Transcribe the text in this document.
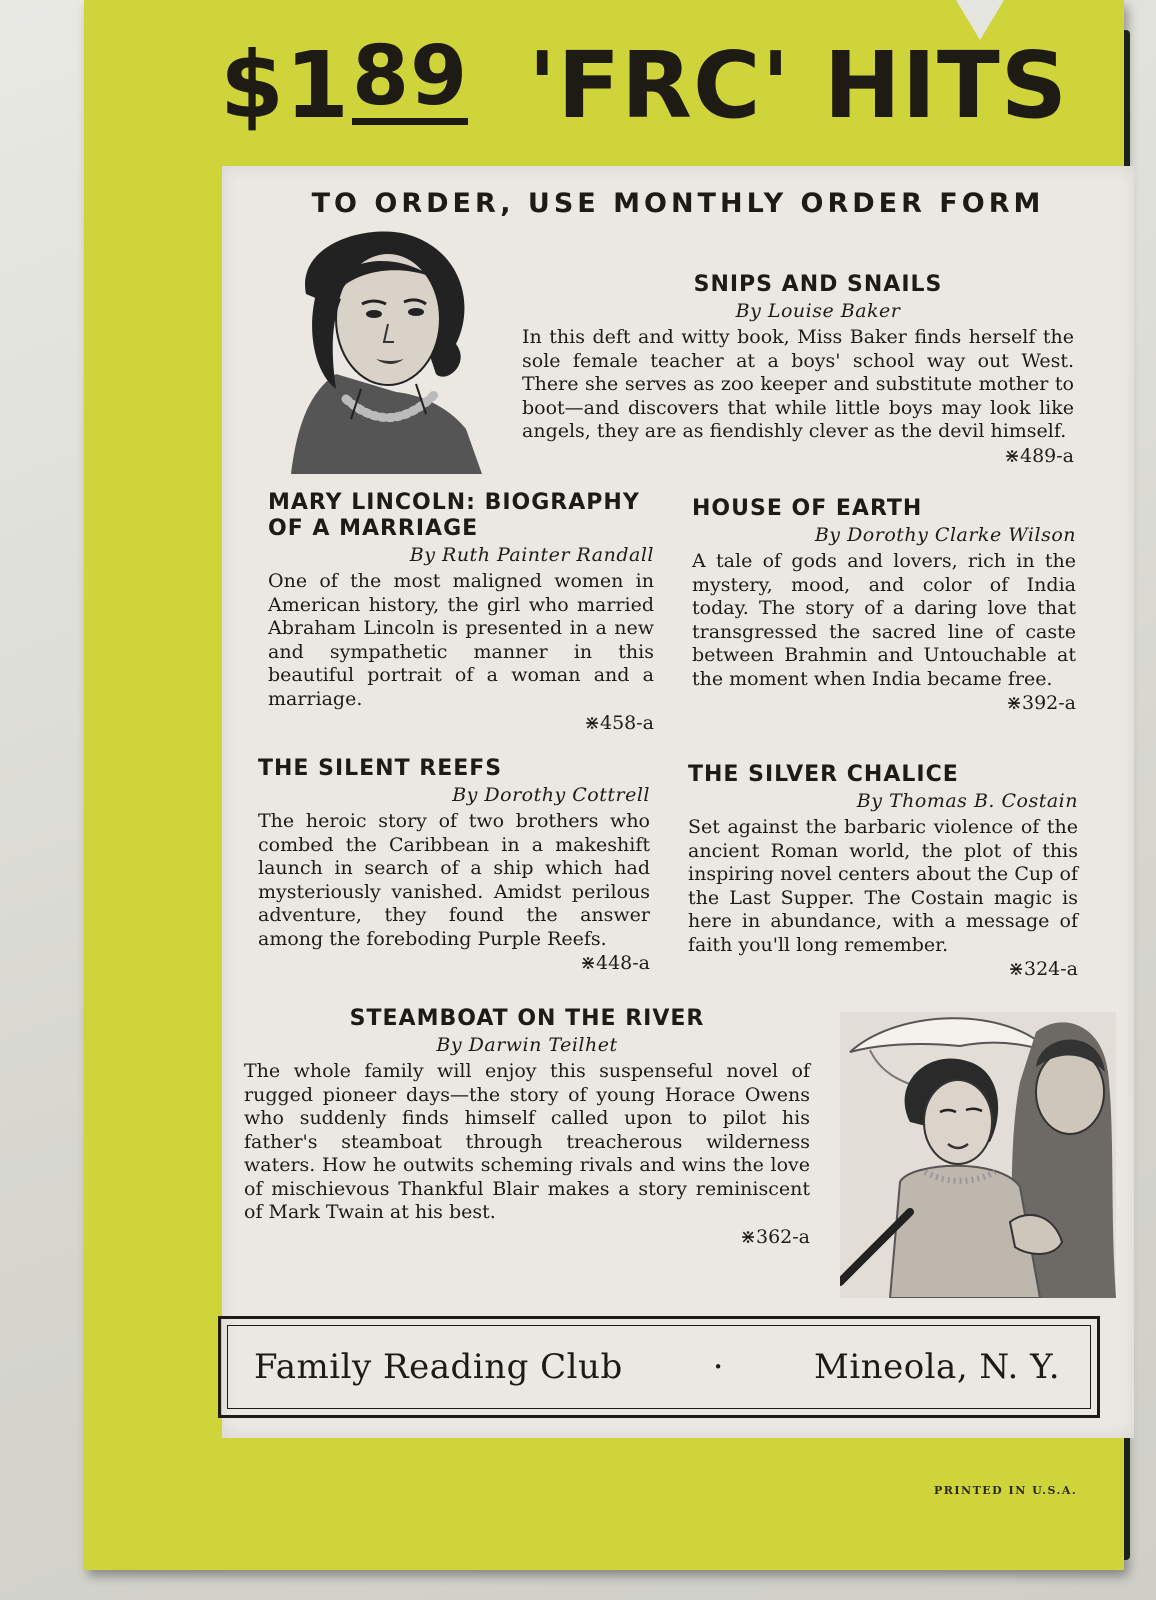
$1 89 'FRC' HITS
TO ORDER, USE MONTHLY ORDER FORM
SNIPS AND SNAILS
By Louise Baker

In this deft and witty book, Miss Baker finds herself the sole female teacher at a boys' school way out West. There she serves as zoo keeper and substitute mother to boot—and discovers that while little boys may look like angels, they are as fiendishly clever as the devil himself.

⋇489-a
MARY LINCOLN: BIOGRAPHY OF A MARRIAGE
By Ruth Painter Randall

One of the most maligned women in American history, the girl who married Abraham Lincoln is presented in a new and sympathetic manner in this beautiful portrait of a woman and a marriage.

⋇458-a
HOUSE OF EARTH
By Dorothy Clarke Wilson

A tale of gods and lovers, rich in the mystery, mood, and color of India today. The story of a daring love that transgressed the sacred line of caste between Brahmin and Untouchable at the moment when India became free.

⋇392-a
THE SILENT REEFS
By Dorothy Cottrell

The heroic story of two brothers who combed the Caribbean in a makeshift launch in search of a ship which had mysteriously vanished. Amidst perilous adventure, they found the answer among the foreboding Purple Reefs.

⋇448-a
THE SILVER CHALICE
By Thomas B. Costain

Set against the barbaric violence of the ancient Roman world, the plot of this inspiring novel centers about the Cup of the Last Supper. The Costain magic is here in abundance, with a message of faith you'll long remember.

⋇324-a
STEAMBOAT ON THE RIVER
By Darwin Teilhet

The whole family will enjoy this suspenseful novel of rugged pioneer days—the story of young Horace Owens who suddenly finds himself called upon to pilot his father's steamboat through treacherous wilderness waters. How he outwits scheming rivals and wins the love of mischievous Thankful Blair makes a story reminiscent of Mark Twain at his best.

⋇362-a
Family Reading Club	·	Mineola, N. Y.
PRINTED IN U.S.A.
